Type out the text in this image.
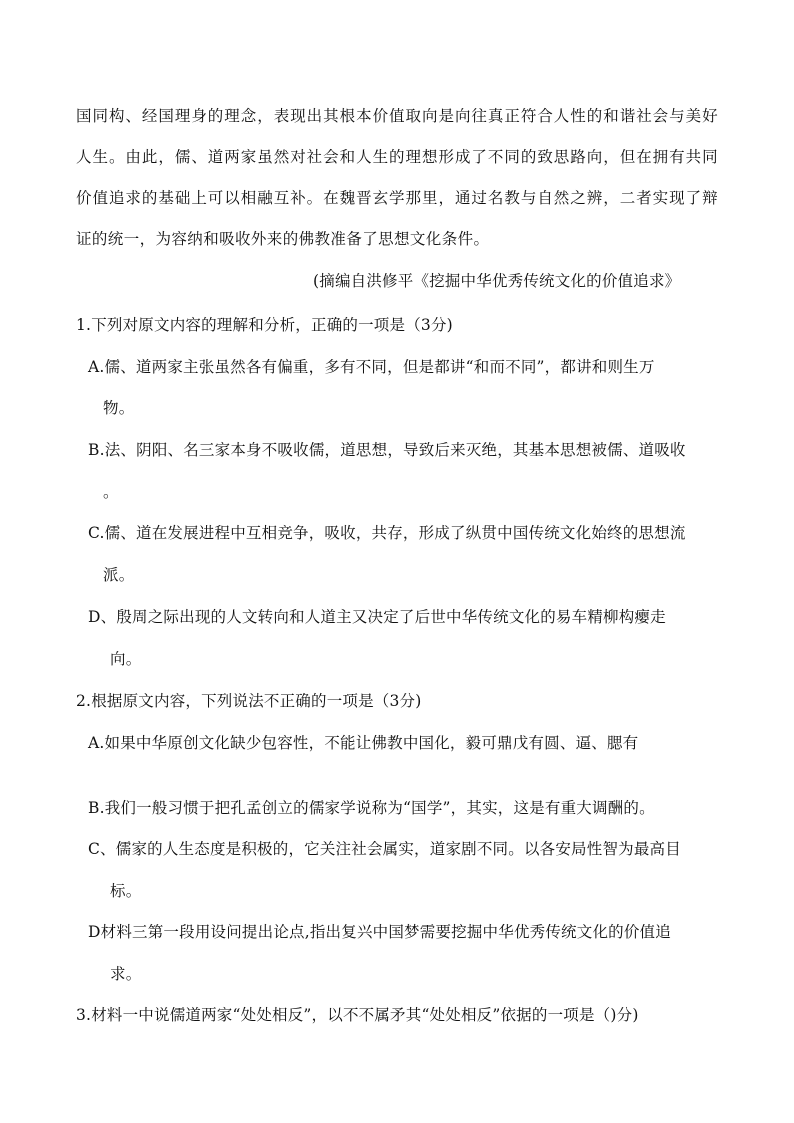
国同构、经国理身的理念，表现出其根本价值取向是向往真正符合人性的和谐社会与美好
人生。由此，儒、道两家虽然对社会和人生的理想形成了不同的致思路向，但在拥有共同
价值追求的基础上可以相融互补。在魏晋玄学那里，通过名教与自然之辨，二者实现了辩
证的统一，为容纳和吸收外来的佛教准备了思想文化条件。
(摘编自洪修平《挖掘中华优秀传统文化的价值追求》
1.下列对原文内容的理解和分析，正确的一项是（3分)
A.儒、道两家主张虽然各有偏重，多有不同，但是都讲“和而不同”，都讲和则生万
物。
B.法、阴阳、名三家本身不吸收儒，道思想，导致后来灭绝，其基本思想被儒、道吸收
。
C.儒、道在发展进程中互相竞争，吸收，共存，形成了纵贯中国传统文化始终的思想流
派。
D、殷周之际出现的人文转向和人道主又决定了后世中华传统文化的易车精柳构瘿走
向。
2.根据原文内容，下列说法不正确的一项是（3分)
A.如果中华原创文化缺少包容性，不能让佛教中国化，毅可鼎戊有圆、逼、腮有
B.我们一般习惯于把孔孟创立的儒家学说称为“国学”，其实，这是有重大调酬的。
C、儒家的人生态度是积极的，它关注社会属实，道家剧不同。以各安局性智为最高目
标。
D材料三第一段用设问提出论点,指出复兴中国梦需要挖掘中华优秀传统文化的价值追
求。
3.材料一中说儒道两家“处处相反”，以不不属矛其“处处相反”依据的一项是（)分)
